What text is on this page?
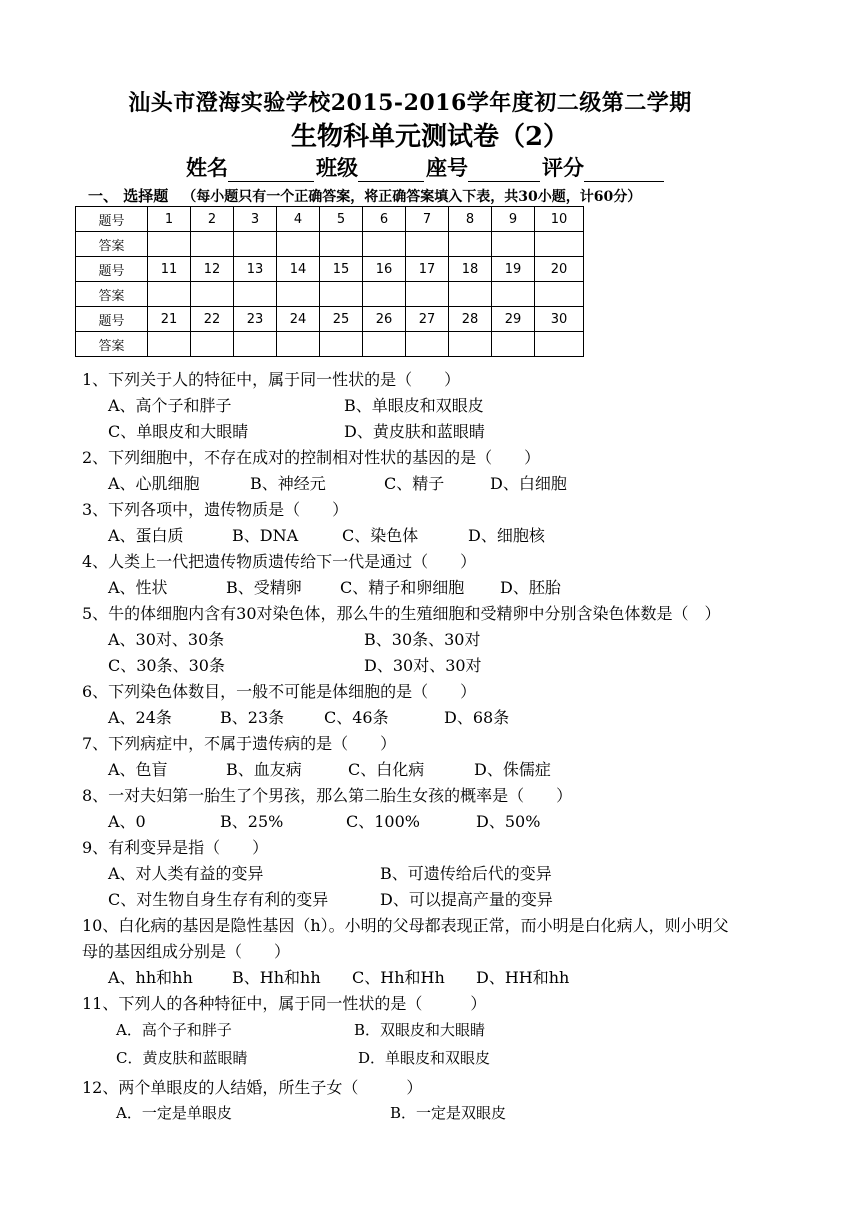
汕头市澄海实验学校2015-2016学年度初二级第二学期
生物科单元测试卷（2）
姓名	班级	座号	评分
一、 选择题 （每小题只有一个正确答案，将正确答案填入下表，共30小题，计60分）
题号	1	2	3	4	5	6	7	8	9	10
答案										
题号	11	12	13	14	15	16	17	18	19	20
答案										
题号	21	22	23	24	25	26	27	28	29	30
答案										
1、下列关于人的特征中，属于同一性状的是（　　）
A、高个子和胖子	B、单眼皮和双眼皮
C、单眼皮和大眼睛	D、黄皮肤和蓝眼睛
2、下列细胞中，不存在成对的控制相对性状的基因的是（　　）
A、心肌细胞	B、神经元	C、精子	D、白细胞
3、下列各项中，遗传物质是（　　）
A、蛋白质	B、DNA	C、染色体	D、细胞核
4、人类上一代把遗传物质遗传给下一代是通过（　　）
A、性状	B、受精卵 C、精子和卵细胞 D、胚胎
5、牛的体细胞内含有30对染色体，那么牛的生殖细胞和受精卵中分别含染色体数是（　）
A、30对、30条	B、30条、30对
C、30条、30条	D、30对、30对
6、下列染色体数目，一般不可能是体细胞的是（　　）
A、24条	B、23条 C、46条	D、68条
7、下列病症中，不属于遗传病的是（　　）
A、色盲	B、血友病	C、白化病	D、侏儒症
8、一对夫妇第一胎生了个男孩，那么第二胎生女孩的概率是（　　）
A、0	B、25%	C、100%	D、50%
9、有利变异是指（　　）
A、对人类有益的变异	B、可遗传给后代的变异
C、对生物自身生存有利的变异	D、可以提高产量的变异
10、白化病的基因是隐性基因（h）。小明的父母都表现正常，而小明是白化病人，则小明父
母的基因组成分别是（　　）
A、hh和hh B、Hh和hh C、Hh和Hh D、HH和hh
11、下列人的各种特征中，属于同一性状的是（　　　）
A．高个子和胖子	B．双眼皮和大眼睛
C．黄皮肤和蓝眼睛	D．单眼皮和双眼皮
12、两个单眼皮的人结婚，所生子女（　　　）
A．一定是单眼皮	B．一定是双眼皮
